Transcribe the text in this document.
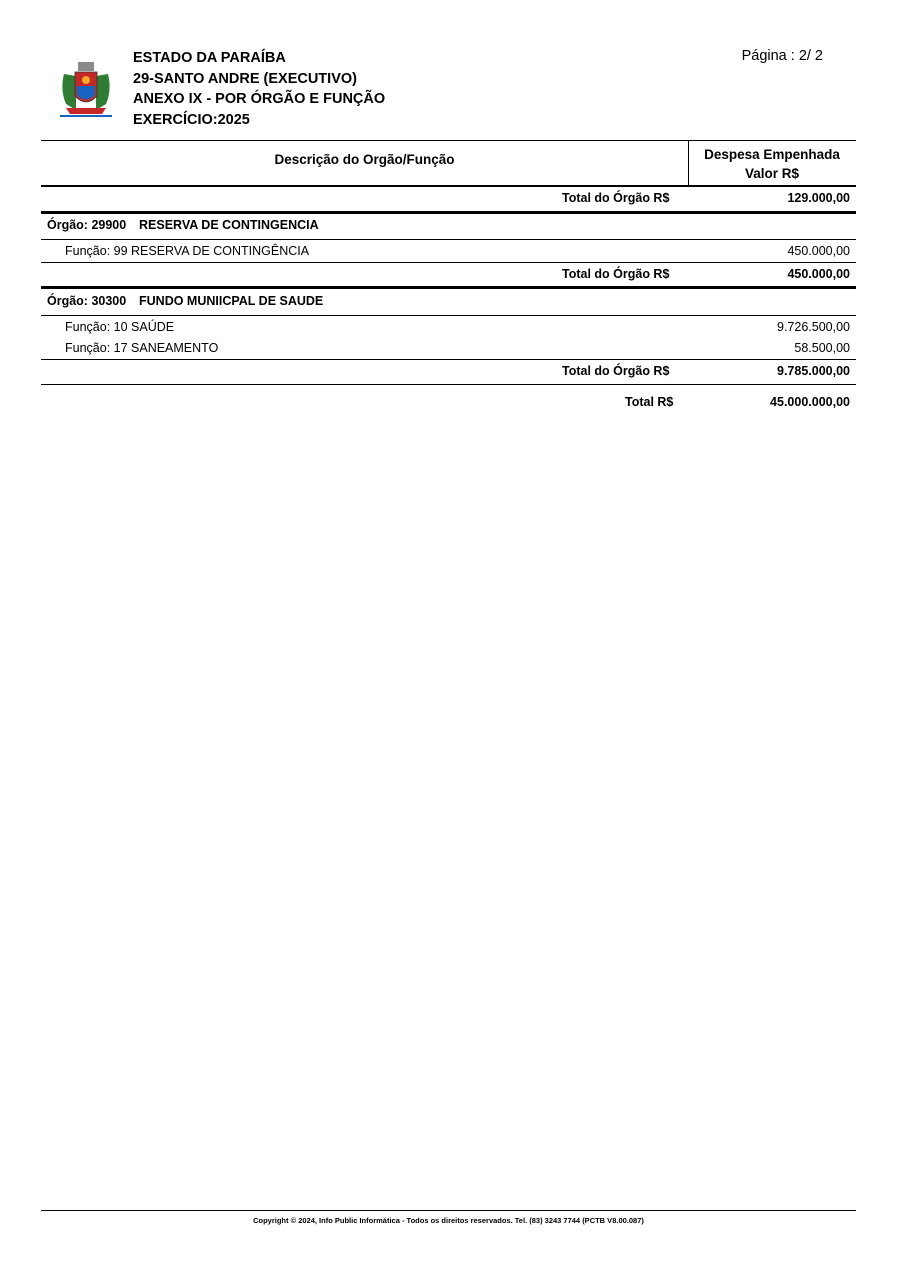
ESTADO DA PARAÍBA
29-SANTO ANDRE (EXECUTIVO)
ANEXO IX - POR ÓRGÃO E FUNÇÃO
EXERCÍCIO:2025
Página : 2/ 2
Descrição do Orgão/Função	Despesa Empenhada
Valor R$
Total do Órgão R$	129.000,00
Órgão: 29900 RESERVA DE CONTINGENCIA
Função: 99 RESERVA DE CONTINGÊNCIA	450.000,00
Total do Órgão R$	450.000,00
Órgão: 30300 FUNDO MUNIICPAL DE SAUDE
Função: 10 SAÚDE	9.726.500,00
Função: 17 SANEAMENTO	58.500,00
Total do Órgão R$	9.785.000,00
Total R$	45.000.000,00
Copyright © 2024, Info Public Informática - Todos os direitos reservados. Tel. (83) 3243 7744 (PCTB V8.00.087)
